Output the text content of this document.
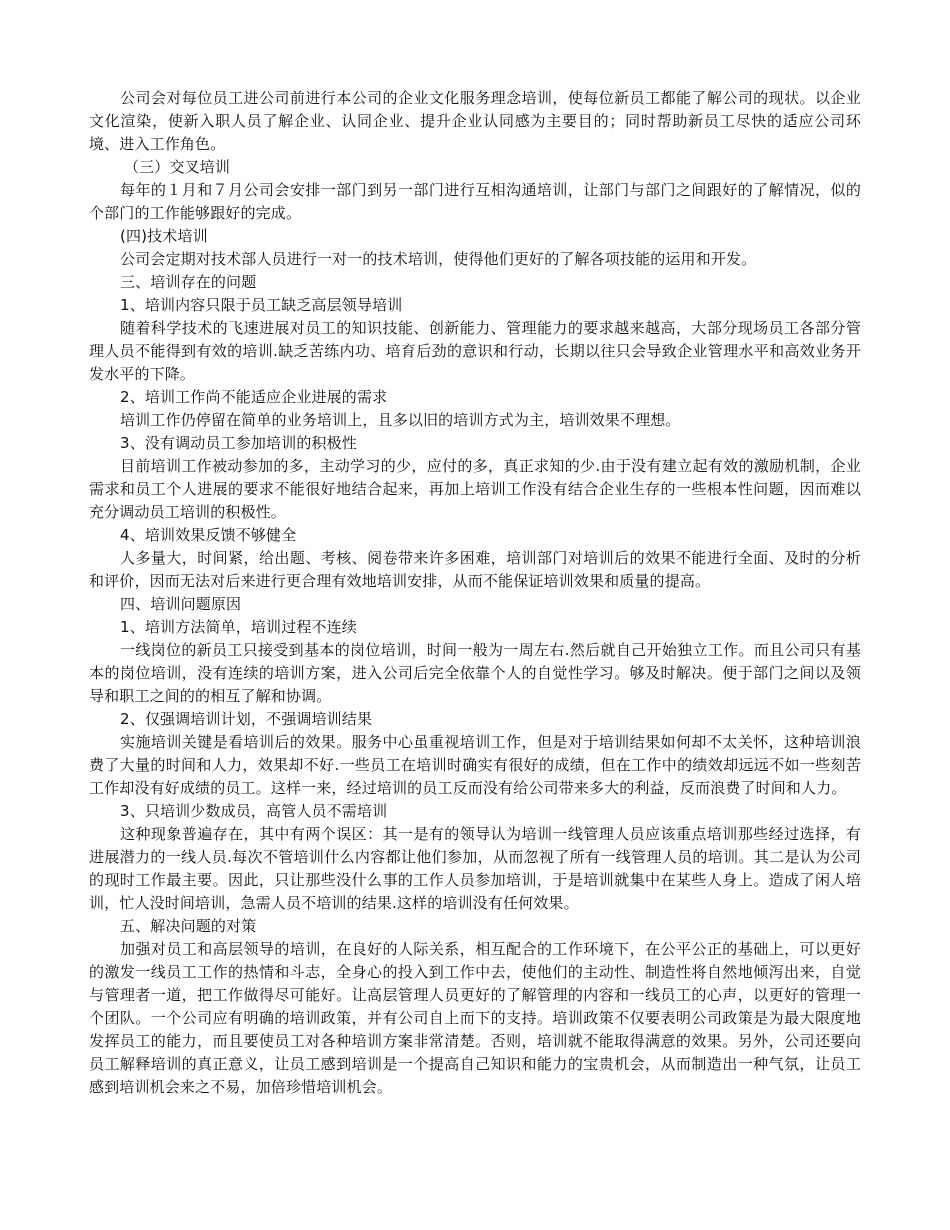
公司会对每位员工进公司前进行本公司的企业文化服务理念培训，使每位新员工都能了解公司的现状。以企业文化渲染，使新入职人员了解企业、认同企业、提升企业认同感为主要目的；同时帮助新员工尽快的适应公司环境、进入工作角色。

（三）交叉培训

每年的１月和７月公司会安排一部门到另一部门进行互相沟通培训，让部门与部门之间跟好的了解情况，似的个部门的工作能够跟好的完成。

(四)技术培训

公司会定期对技术部人员进行一对一的技术培训，使得他们更好的了解各项技能的运用和开发。

三、培训存在的问题

1、培训内容只限于员工缺乏高层领导培训

随着科学技术的飞速进展对员工的知识技能、创新能力、管理能力的要求越来越高，大部分现场员工各部分管理人员不能得到有效的培训.缺乏苦练内功、培育后劲的意识和行动，长期以往只会导致企业管理水平和高效业务开发水平的下降。

2、培训工作尚不能适应企业进展的需求

培训工作仍停留在简单的业务培训上，且多以旧的培训方式为主，培训效果不理想。

3、没有调动员工参加培训的积极性

目前培训工作被动参加的多，主动学习的少，应付的多，真正求知的少.由于没有建立起有效的激励机制，企业需求和员工个人进展的要求不能很好地结合起来，再加上培训工作没有结合企业生存的一些根本性问题，因而难以充分调动员工培训的积极性。

4、培训效果反馈不够健全

人多量大，时间紧，给出题、考核、阅卷带来许多困难，培训部门对培训后的效果不能进行全面、及时的分析和评价，因而无法对后来进行更合理有效地培训安排，从而不能保证培训效果和质量的提高。

四、培训问题原因

1、培训方法简单，培训过程不连续

一线岗位的新员工只接受到基本的岗位培训，时间一般为一周左右.然后就自己开始独立工作。而且公司只有基本的岗位培训，没有连续的培训方案，进入公司后完全依靠个人的自觉性学习。够及时解决。便于部门之间以及领导和职工之间的的相互了解和协调。

2、仅强调培训计划，不强调培训结果

实施培训关键是看培训后的效果。服务中心虽重视培训工作，但是对于培训结果如何却不太关怀，这种培训浪费了大量的时间和人力，效果却不好.一些员工在培训时确实有很好的成绩，但在工作中的绩效却远远不如一些刻苦工作却没有好成绩的员工。这样一来，经过培训的员工反而没有给公司带来多大的利益，反而浪费了时间和人力。

3、只培训少数成员，高管人员不需培训

这种现象普遍存在，其中有两个误区：其一是有的领导认为培训一线管理人员应该重点培训那些经过选择，有进展潜力的一线人员.每次不管培训什么内容都让他们参加，从而忽视了所有一线管理人员的培训。其二是认为公司的现时工作最主要。因此，只让那些没什么事的工作人员参加培训，于是培训就集中在某些人身上。造成了闲人培训，忙人没时间培训，急需人员不培训的结果.这样的培训没有任何效果。

五、解决问题的对策

加强对员工和高层领导的培训，在良好的人际关系，相互配合的工作环境下，在公平公正的基础上，可以更好的激发一线员工工作的热情和斗志，全身心的投入到工作中去，使他们的主动性、制造性将自然地倾泻出来，自觉与管理者一道，把工作做得尽可能好。让高层管理人员更好的了解管理的内容和一线员工的心声，以更好的管理一个团队。一个公司应有明确的培训政策，并有公司自上而下的支持。培训政策不仅要表明公司政策是为最大限度地发挥员工的能力，而且要使员工对各种培训方案非常清楚。否则，培训就不能取得满意的效果。另外，公司还要向员工解释培训的真正意义，让员工感到培训是一个提高自己知识和能力的宝贵机会，从而制造出一种气氛，让员工感到培训机会来之不易，加倍珍惜培训机会。
